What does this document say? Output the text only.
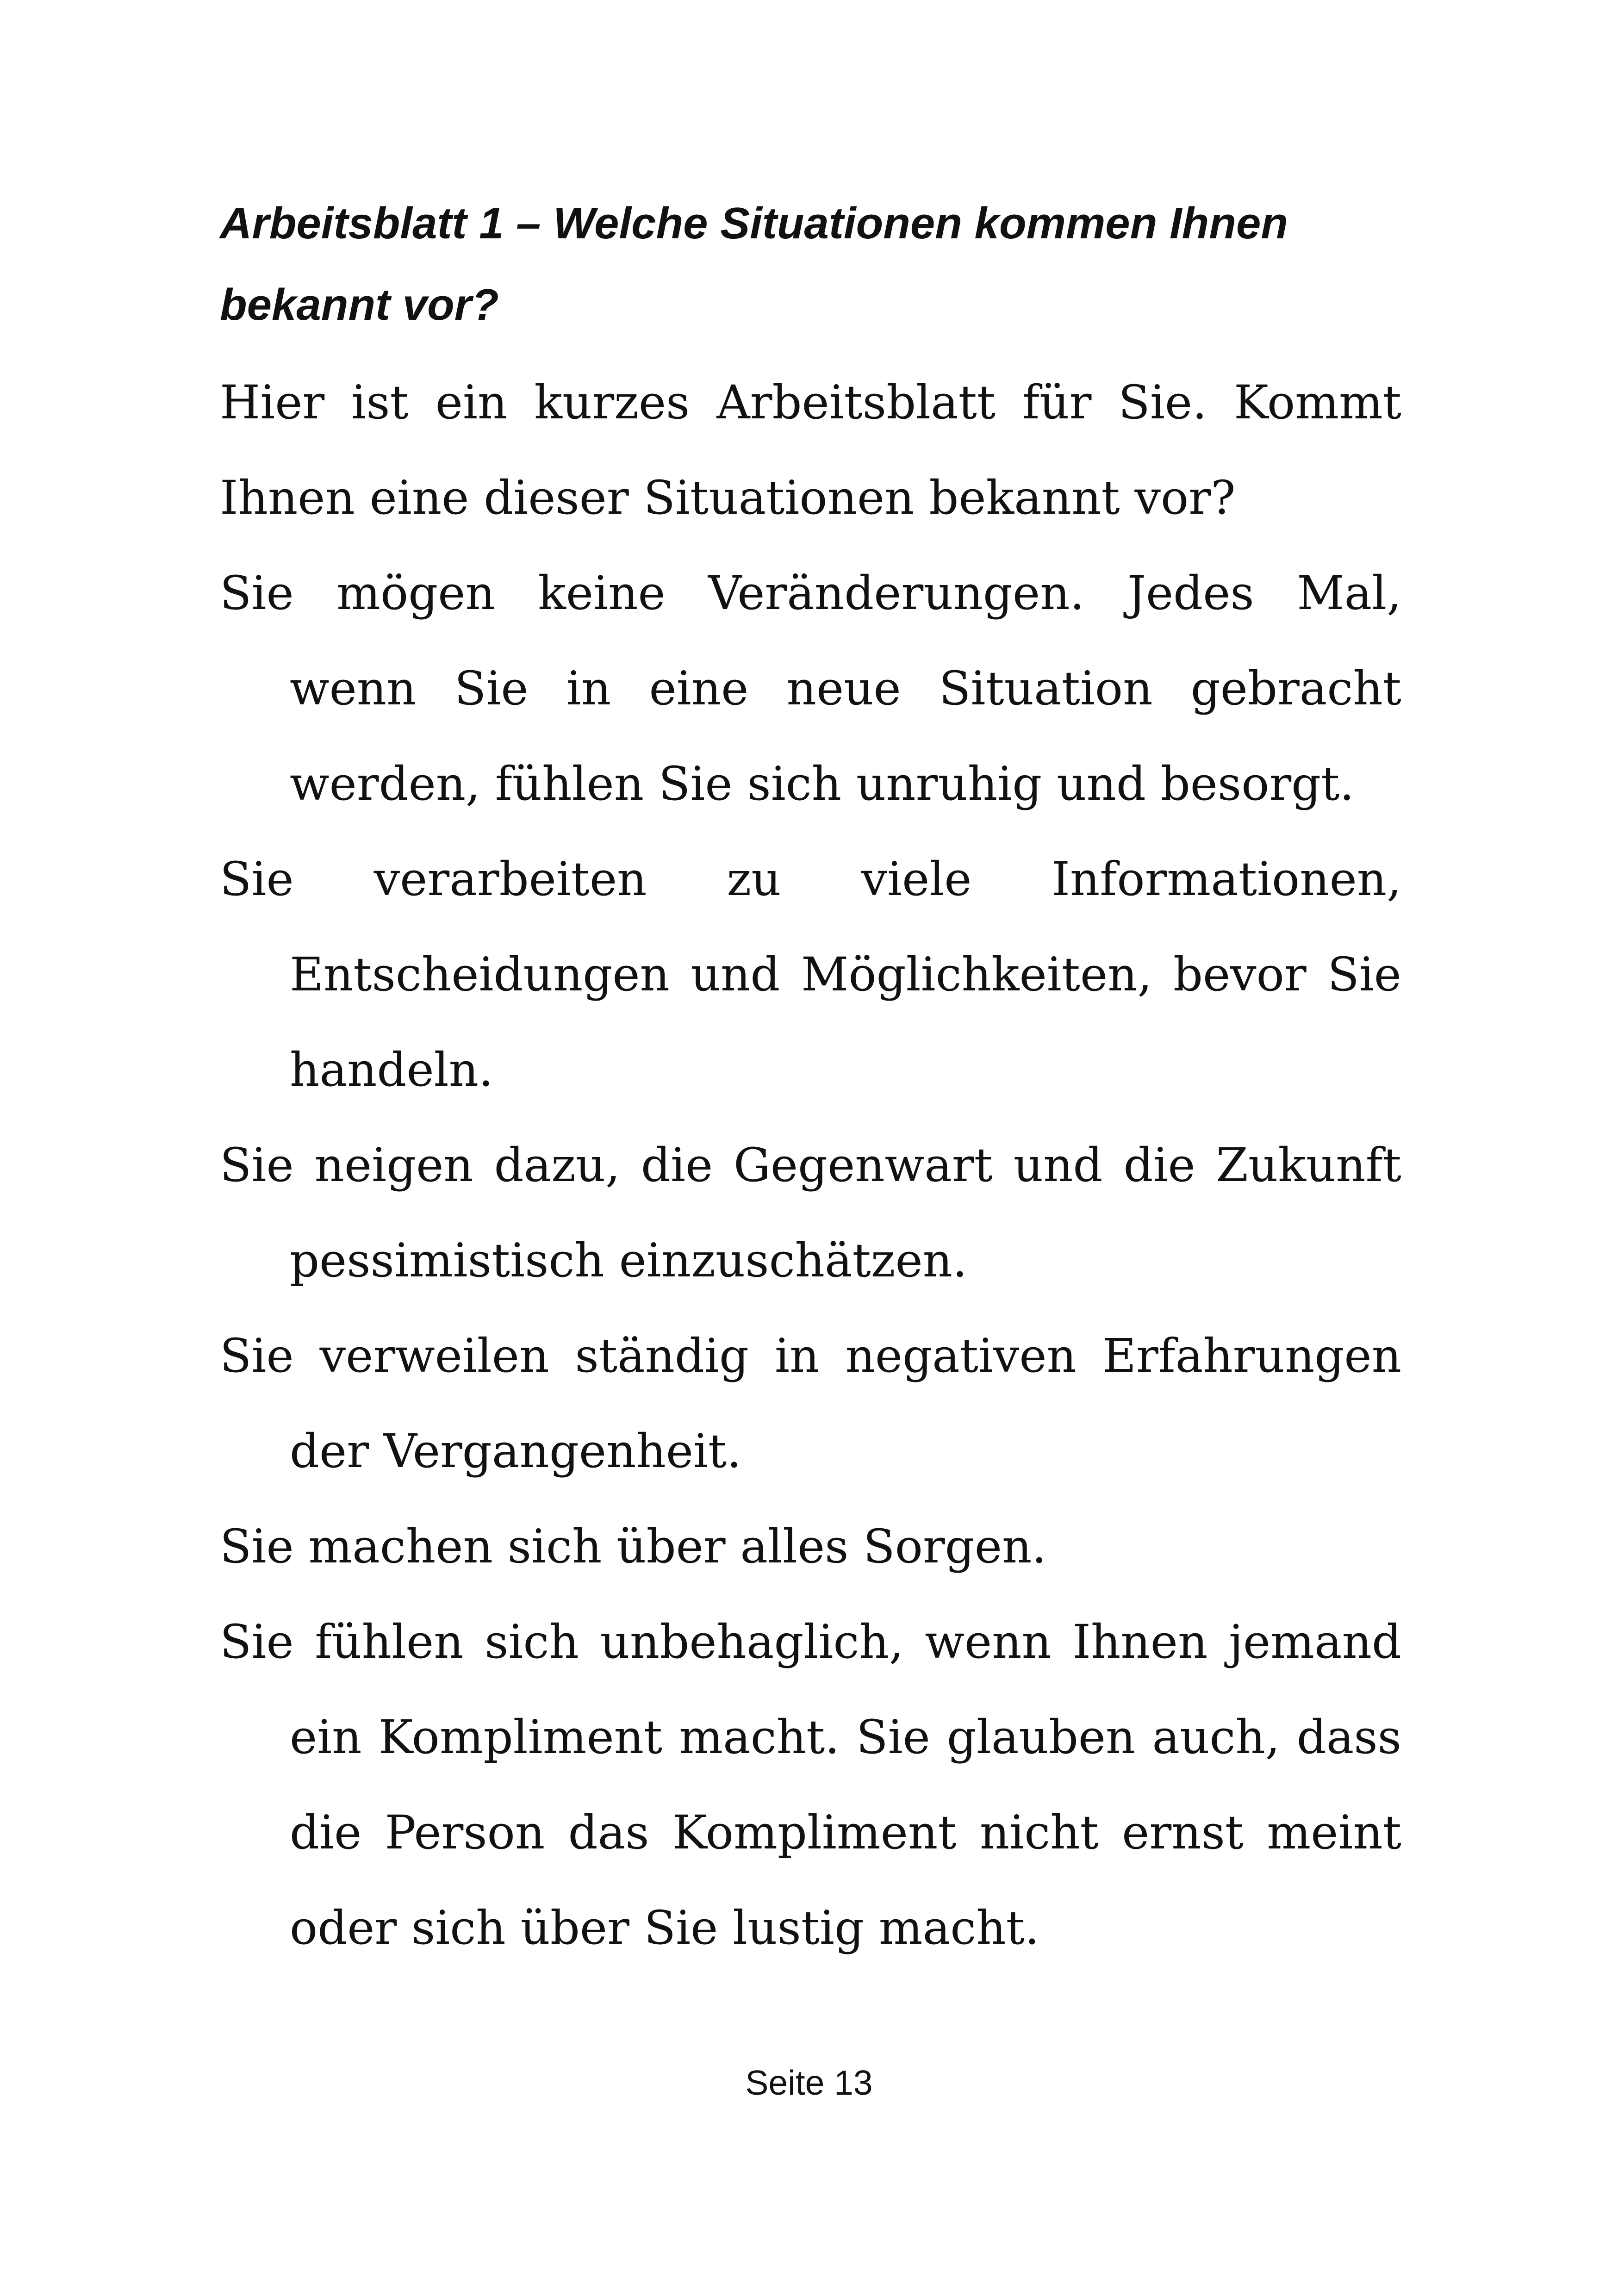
Arbeitsblatt 1 – Welche Situationen kommen Ihnen bekannt vor?

Hier ist ein kurzes Arbeitsblatt für Sie. Kommt Ihnen eine dieser Situationen bekannt vor?

Sie mögen keine Veränderungen. Jedes Mal, wenn Sie in eine neue Situation gebracht werden, fühlen Sie sich unruhig und besorgt.
Sie verarbeiten zu viele Informationen, Entscheidungen und Möglichkeiten, bevor Sie handeln.
Sie neigen dazu, die Gegenwart und die Zukunft pessimistisch einzuschätzen.
Sie verweilen ständig in negativen Erfahrungen der Vergangenheit.
Sie machen sich über alles Sorgen.
Sie fühlen sich unbehaglich, wenn Ihnen jemand ein Kompliment macht. Sie glauben auch, dass die Person das Kompliment nicht ernst meint oder sich über Sie lustig macht.
Seite 13
